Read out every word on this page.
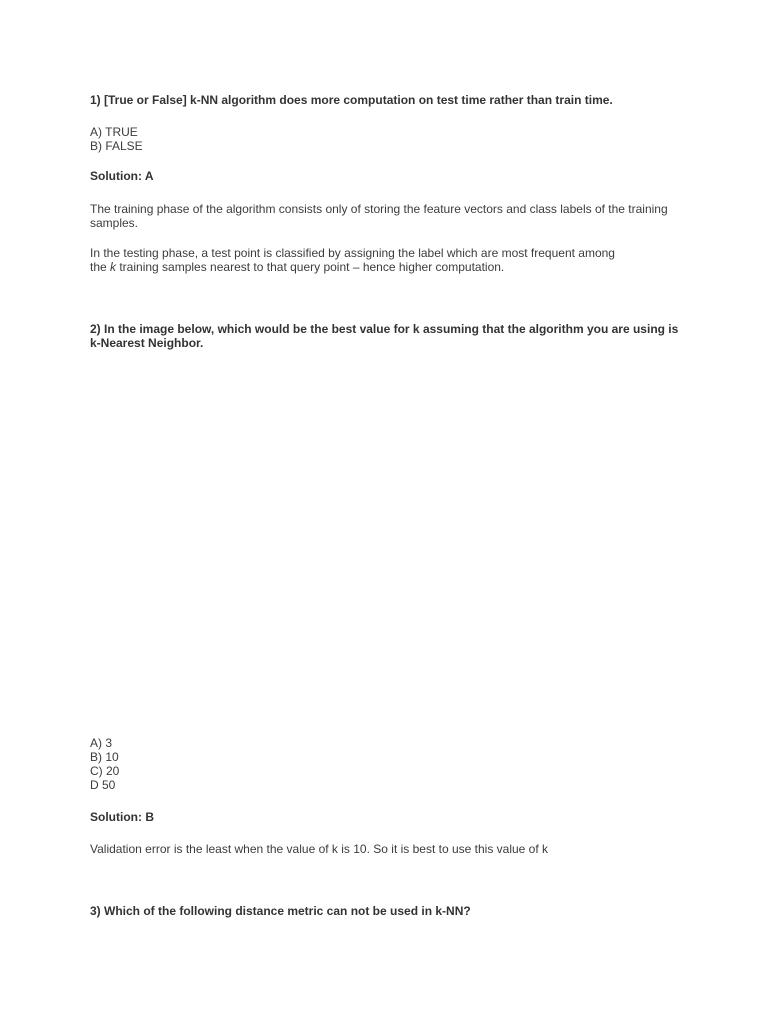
1) [True or False] k-NN algorithm does more computation on test time rather than train time.

A) TRUE
B) FALSE

Solution: A

The training phase of the algorithm consists only of storing the feature vectors and class labels of the training samples.

In the testing phase, a test point is classified by assigning the label which are most frequent among
the k training samples nearest to that query point – hence higher computation.

2) In the image below, which would be the best value for k assuming that the algorithm you are using is k-Nearest Neighbor.

A) 3
B) 10
C) 20
D 50

Solution: B

Validation error is the least when the value of k is 10. So it is best to use this value of k

3) Which of the following distance metric can not be used in k-NN?
